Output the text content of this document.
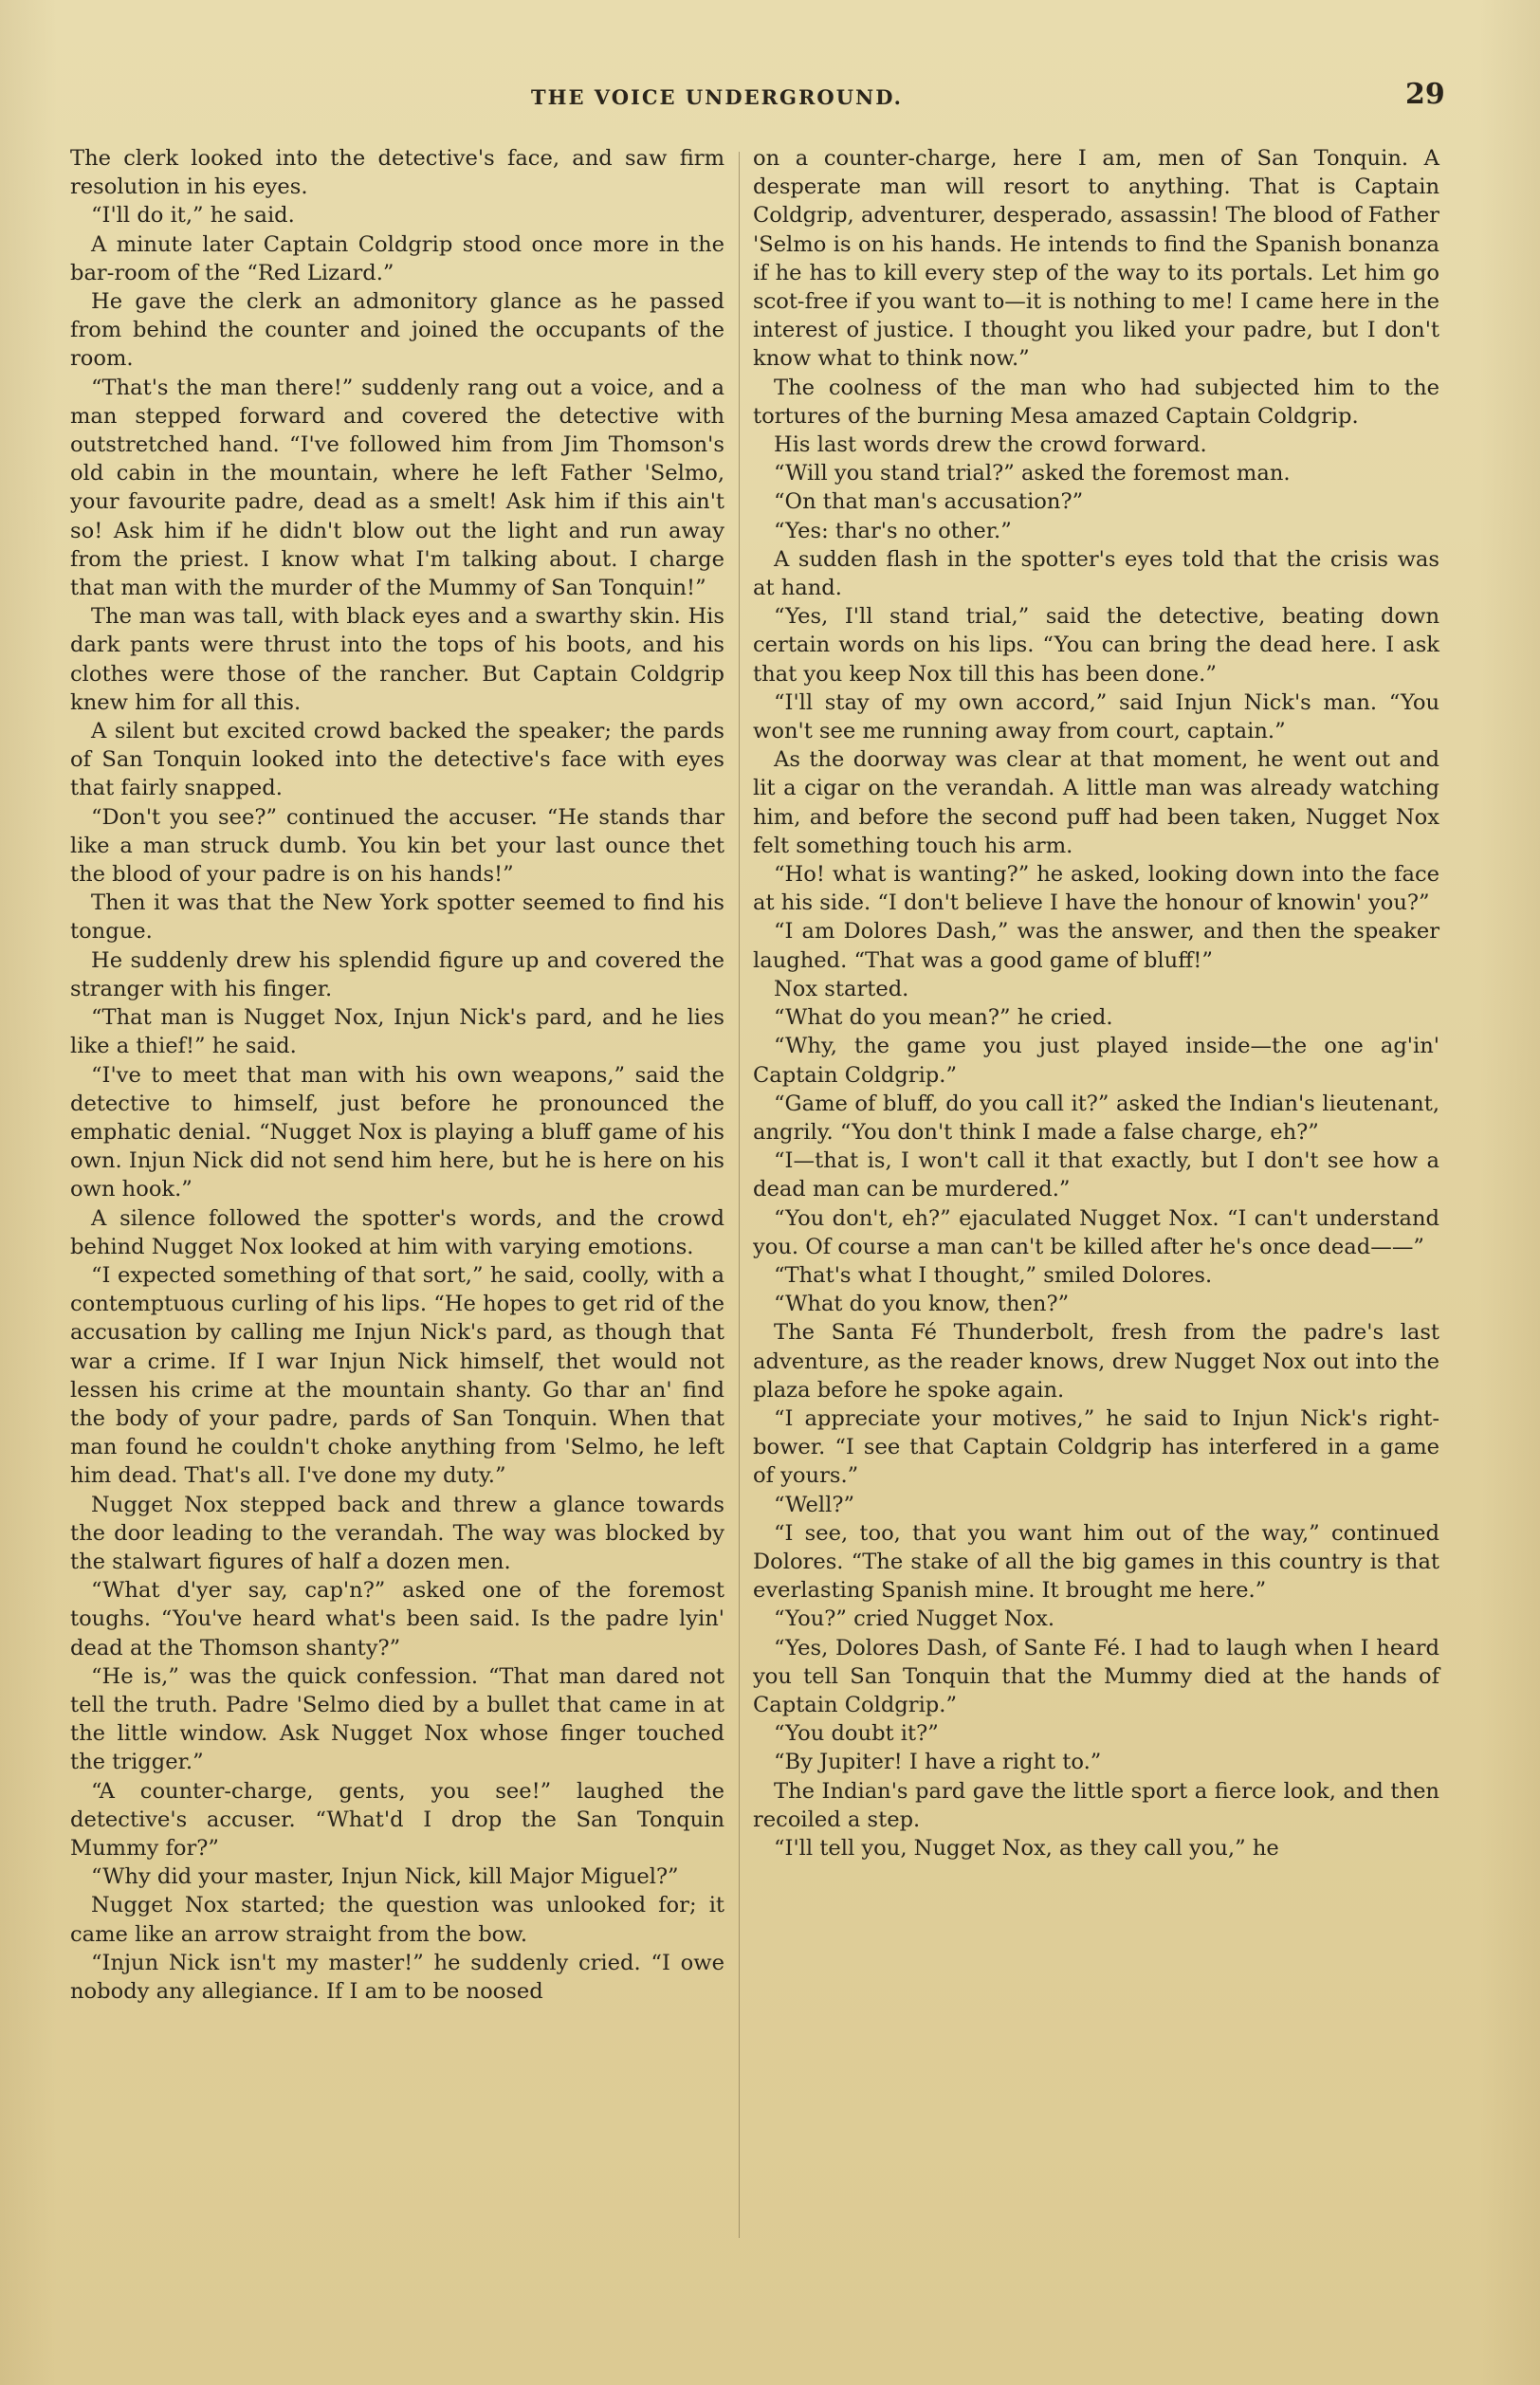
THE VOICE UNDERGROUND.	29

The clerk looked into the detective's face, and saw firm resolution in his eyes.

“I'll do it,” he said.

A minute later Captain Coldgrip stood once more in the bar-room of the “Red Lizard.”

He gave the clerk an admonitory glance as he passed from behind the counter and joined the occupants of the room.

“That's the man there!” suddenly rang out a voice, and a man stepped forward and covered the detective with outstretched hand. “I've followed him from Jim Thomson's old cabin in the mountain, where he left Father 'Selmo, your favourite padre, dead as a smelt! Ask him if this ain't so! Ask him if he didn't blow out the light and run away from the priest. I know what I'm talking about. I charge that man with the murder of the Mummy of San Tonquin!”

The man was tall, with black eyes and a swarthy skin. His dark pants were thrust into the tops of his boots, and his clothes were those of the rancher. But Captain Coldgrip knew him for all this.

A silent but excited crowd backed the speaker; the pards of San Tonquin looked into the detective's face with eyes that fairly snapped.

“Don't you see?” continued the accuser. “He stands thar like a man struck dumb. You kin bet your last ounce thet the blood of your padre is on his hands!”

Then it was that the New York spotter seemed to find his tongue.

He suddenly drew his splendid figure up and covered the stranger with his finger.

“That man is Nugget Nox, Injun Nick's pard, and he lies like a thief!” he said.

“I've to meet that man with his own weapons,” said the detective to himself, just before he pronounced the emphatic denial. “Nugget Nox is playing a bluff game of his own. Injun Nick did not send him here, but he is here on his own hook.”

A silence followed the spotter's words, and the crowd behind Nugget Nox looked at him with varying emotions.

“I expected something of that sort,” he said, coolly, with a contemptuous curling of his lips. “He hopes to get rid of the accusation by calling me Injun Nick's pard, as though that war a crime. If I war Injun Nick himself, thet would not lessen his crime at the mountain shanty. Go thar an' find the body of your padre, pards of San Tonquin. When that man found he couldn't choke anything from 'Selmo, he left him dead. That's all. I've done my duty.”

Nugget Nox stepped back and threw a glance towards the door leading to the verandah. The way was blocked by the stalwart figures of half a dozen men.

“What d'yer say, cap'n?” asked one of the foremost toughs. “You've heard what's been said. Is the padre lyin' dead at the Thomson shanty?”

“He is,” was the quick confession. “That man dared not tell the truth. Padre 'Selmo died by a bullet that came in at the little window. Ask Nugget Nox whose finger touched the trigger.”

“A counter-charge, gents, you see!” laughed the detective's accuser. “What'd I drop the San Tonquin Mummy for?”

“Why did your master, Injun Nick, kill Major Miguel?”

Nugget Nox started; the question was unlooked for; it came like an arrow straight from the bow.

“Injun Nick isn't my master!” he suddenly cried. “I owe nobody any allegiance. If I am to be noosed

on a counter-charge, here I am, men of San Tonquin. A desperate man will resort to anything. That is Captain Coldgrip, adventurer, desperado, assassin! The blood of Father 'Selmo is on his hands. He intends to find the Spanish bonanza if he has to kill every step of the way to its portals. Let him go scot-free if you want to—it is nothing to me! I came here in the interest of justice. I thought you liked your padre, but I don't know what to think now.”

The coolness of the man who had subjected him to the tortures of the burning Mesa amazed Captain Coldgrip.

His last words drew the crowd forward.

“Will you stand trial?” asked the foremost man.

“On that man's accusation?”

“Yes: thar's no other.”

A sudden flash in the spotter's eyes told that the crisis was at hand.

“Yes, I'll stand trial,” said the detective, beating down certain words on his lips. “You can bring the dead here. I ask that you keep Nox till this has been done.”

“I'll stay of my own accord,” said Injun Nick's man. “You won't see me running away from court, captain.”

As the doorway was clear at that moment, he went out and lit a cigar on the verandah. A little man was already watching him, and before the second puff had been taken, Nugget Nox felt something touch his arm.

“Ho! what is wanting?” he asked, looking down into the face at his side. “I don't believe I have the honour of knowin' you?”

“I am Dolores Dash,” was the answer, and then the speaker laughed. “That was a good game of bluff!”

Nox started.

“What do you mean?” he cried.

“Why, the game you just played inside—the one ag'in' Captain Coldgrip.”

“Game of bluff, do you call it?” asked the Indian's lieutenant, angrily. “You don't think I made a false charge, eh?”

“I—that is, I won't call it that exactly, but I don't see how a dead man can be murdered.”

“You don't, eh?” ejaculated Nugget Nox. “I can't understand you. Of course a man can't be killed after he's once dead——”

“That's what I thought,” smiled Dolores.

“What do you know, then?”

The Santa Fé Thunderbolt, fresh from the padre's last adventure, as the reader knows, drew Nugget Nox out into the plaza before he spoke again.

“I appreciate your motives,” he said to Injun Nick's right-bower. “I see that Captain Coldgrip has interfered in a game of yours.”

“Well?”

“I see, too, that you want him out of the way,” continued Dolores. “The stake of all the big games in this country is that everlasting Spanish mine. It brought me here.”

“You?” cried Nugget Nox.

“Yes, Dolores Dash, of Sante Fé. I had to laugh when I heard you tell San Tonquin that the Mummy died at the hands of Captain Coldgrip.”

“You doubt it?”

“By Jupiter! I have a right to.”

The Indian's pard gave the little sport a fierce look, and then recoiled a step.

“I'll tell you, Nugget Nox, as they call you,” he
